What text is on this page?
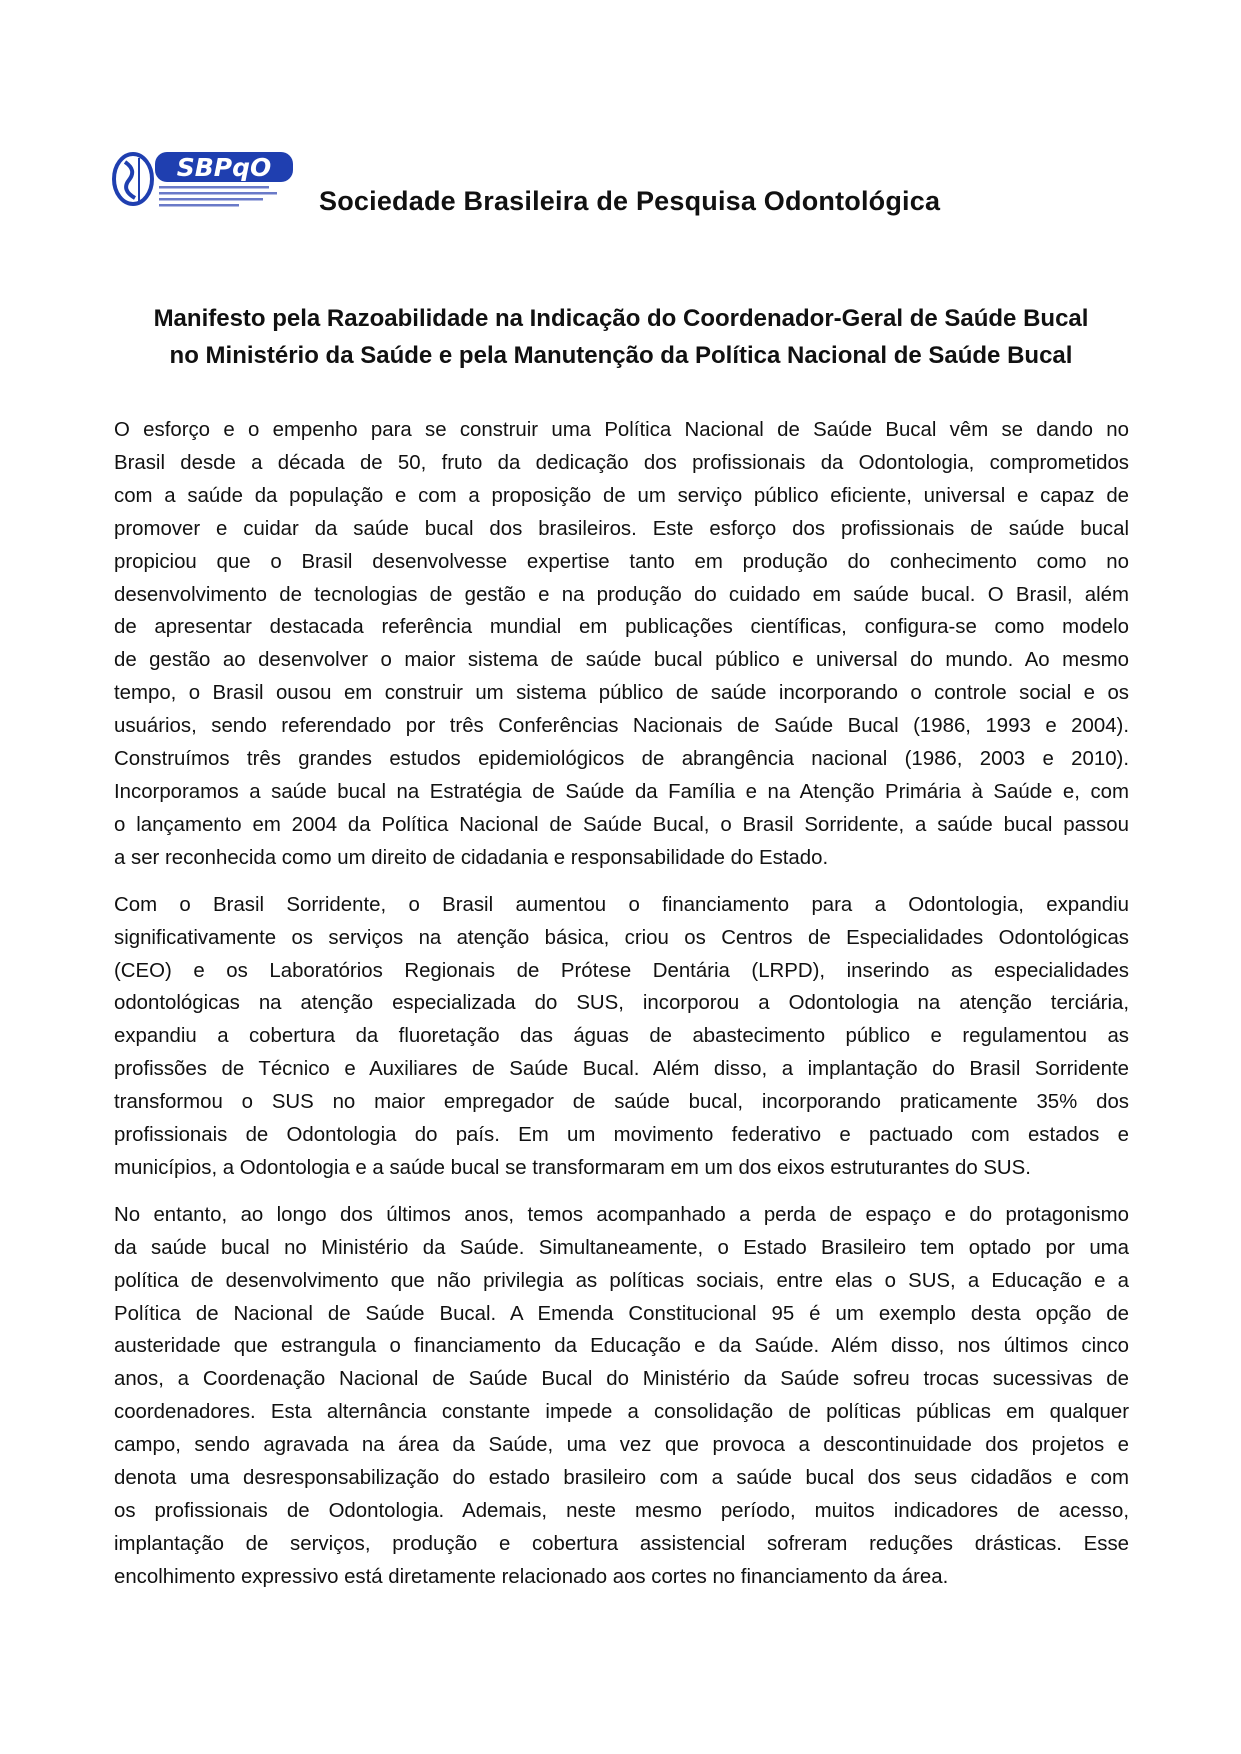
SBPqO
Sociedade Brasileira de Pesquisa Odontológica
Manifesto pela Razoabilidade na Indicação do Coordenador-Geral de Saúde Bucal
no Ministério da Saúde e pela Manutenção da Política Nacional de Saúde Bucal
O esforço e o empenho para se construir uma Política Nacional de Saúde Bucal vêm se dando no
Brasil desde a década de 50, fruto da dedicação dos profissionais da Odontologia, comprometidos
com a saúde da população e com a proposição de um serviço público eficiente, universal e capaz de
promover e cuidar da saúde bucal dos brasileiros. Este esforço dos profissionais de saúde bucal
propiciou que o Brasil desenvolvesse expertise tanto em produção do conhecimento como no
desenvolvimento de tecnologias de gestão e na produção do cuidado em saúde bucal. O Brasil, além
de apresentar destacada referência mundial em publicações científicas, configura-se como modelo
de gestão ao desenvolver o maior sistema de saúde bucal público e universal do mundo. Ao mesmo
tempo, o Brasil ousou em construir um sistema público de saúde incorporando o controle social e os
usuários, sendo referendado por três Conferências Nacionais de Saúde Bucal (1986, 1993 e 2004).
Construímos três grandes estudos epidemiológicos de abrangência nacional (1986, 2003 e 2010).
Incorporamos a saúde bucal na Estratégia de Saúde da Família e na Atenção Primária à Saúde e, com
o lançamento em 2004 da Política Nacional de Saúde Bucal, o Brasil Sorridente, a saúde bucal passou
a ser reconhecida como um direito de cidadania e responsabilidade do Estado.
Com o Brasil Sorridente, o Brasil aumentou o financiamento para a Odontologia, expandiu
significativamente os serviços na atenção básica, criou os Centros de Especialidades Odontológicas
(CEO) e os Laboratórios Regionais de Prótese Dentária (LRPD), inserindo as especialidades
odontológicas na atenção especializada do SUS, incorporou a Odontologia na atenção terciária,
expandiu a cobertura da fluoretação das águas de abastecimento público e regulamentou as
profissões de Técnico e Auxiliares de Saúde Bucal. Além disso, a implantação do Brasil Sorridente
transformou o SUS no maior empregador de saúde bucal, incorporando praticamente 35% dos
profissionais de Odontologia do país. Em um movimento federativo e pactuado com estados e
municípios, a Odontologia e a saúde bucal se transformaram em um dos eixos estruturantes do SUS.
No entanto, ao longo dos últimos anos, temos acompanhado a perda de espaço e do protagonismo
da saúde bucal no Ministério da Saúde. Simultaneamente, o Estado Brasileiro tem optado por uma
política de desenvolvimento que não privilegia as políticas sociais, entre elas o SUS, a Educação e a
Política de Nacional de Saúde Bucal. A Emenda Constitucional 95 é um exemplo desta opção de
austeridade que estrangula o financiamento da Educação e da Saúde. Além disso, nos últimos cinco
anos, a Coordenação Nacional de Saúde Bucal do Ministério da Saúde sofreu trocas sucessivas de
coordenadores. Esta alternância constante impede a consolidação de políticas públicas em qualquer
campo, sendo agravada na área da Saúde, uma vez que provoca a descontinuidade dos projetos e
denota uma desresponsabilização do estado brasileiro com a saúde bucal dos seus cidadãos e com
os profissionais de Odontologia. Ademais, neste mesmo período, muitos indicadores de acesso,
implantação de serviços, produção e cobertura assistencial sofreram reduções drásticas. Esse
encolhimento expressivo está diretamente relacionado aos cortes no financiamento da área.
